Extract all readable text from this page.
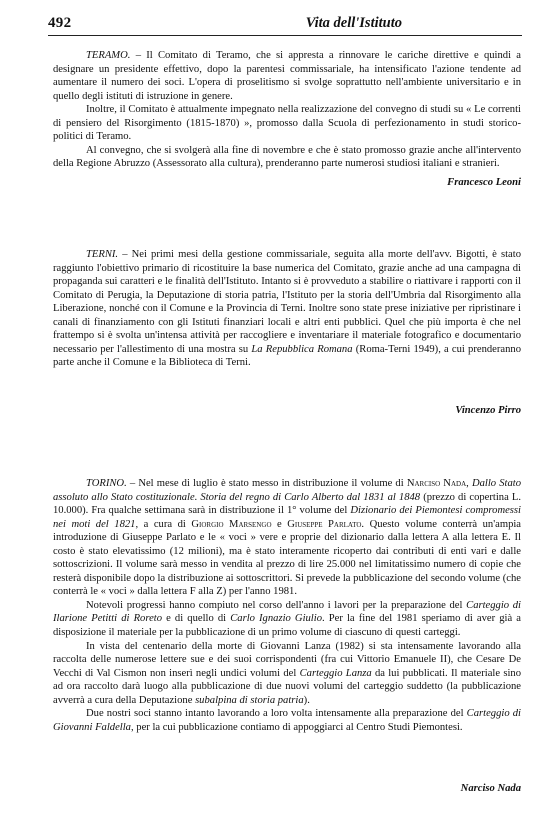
492	Vita dell'Istituto

TERAMO. – Il Comitato di Teramo, che si appresta a rinnovare le cariche direttive e quindi a designare un presidente effettivo, dopo la parentesi commissariale, ha intensificato l'azione tendente ad aumentare il numero dei soci. L'opera di proselitismo si svolge soprattutto nell'ambiente universitario e in quello degli istituti di istruzione in genere.

Inoltre, il Comitato è attualmente impegnato nella realizzazione del convegno di studi su « Le correnti di pensiero del Risorgimento (1815-1870) », promosso dalla Scuola di perfezionamento in studi storico-politici di Teramo.

Al convegno, che si svolgerà alla fine di novembre e che è stato promosso grazie anche all'intervento della Regione Abruzzo (Assessorato alla cultura), prenderanno parte numerosi studiosi italiani e stranieri.

Francesco Leoni

TERNI. – Nei primi mesi della gestione commissariale, seguita alla morte dell'avv. Bigotti, è stato raggiunto l'obiettivo primario di ricostituire la base numerica del Comitato, grazie anche ad una campagna di propaganda sui caratteri e le finalità dell'Istituto. Intanto si è provveduto a stabilire o riattivare i rapporti con il Comitato di Perugia, la Deputazione di storia patria, l'Istituto per la storia dell'Umbria dal Risorgimento alla Liberazione, nonché con il Comune e la Provincia di Terni. Inoltre sono state prese iniziative per ripristinare i canali di finanziamento con gli Istituti finanziari locali e altri enti pubblici. Quel che più importa è che nel frattempo si è svolta un'intensa attività per raccogliere e inventariare il materiale fotografico e documentario necessario per l'allestimento di una mostra su La Repubblica Romana (Roma-Terni 1949), a cui prenderanno parte anche il Comune e la Biblioteca di Terni.

Vincenzo Pirro

TORINO. – Nel mese di luglio è stato messo in distribuzione il volume di Narciso Nada, Dallo Stato assoluto allo Stato costituzionale. Storia del regno di Carlo Alberto dal 1831 al 1848 (prezzo di copertina L. 10.000). Fra qualche settimana sarà in distribuzione il 1° volume del Dizionario dei Piemontesi compromessi nei moti del 1821, a cura di Giorgio Marsengo e Giuseppe Parlato. Questo volume conterrà un'ampia introduzione di Giuseppe Parlato e le « voci » vere e proprie del dizionario dalla lettera A alla lettera E. Il costo è stato elevatissimo (12 milioni), ma è stato interamente ricoperto dai contributi di enti vari e dalle sottoscrizioni. Il volume sarà messo in vendita al prezzo di lire 25.000 nel limitatissimo numero di copie che resterà disponibile dopo la distribuzione ai sottoscrittori. Si prevede la pubblicazione del secondo volume (che conterrà le « voci » dalla lettera F alla Z) per l'anno 1981.

Notevoli progressi hanno compiuto nel corso dell'anno i lavori per la preparazione del Carteggio di Ilarione Petitti di Roreto e di quello di Carlo Ignazio Giulio. Per la fine del 1981 speriamo di aver già a disposizione il materiale per la pubblicazione di un primo volume di ciascuno di questi carteggi.

In vista del centenario della morte di Giovanni Lanza (1982) si sta intensamente lavorando alla raccolta delle numerose lettere sue e dei suoi corrispondenti (fra cui Vittorio Emanuele II), che Cesare De Vecchi di Val Cismon non inserì negli undici volumi del Carteggio Lanza da lui pubblicati. Il materiale sino ad ora raccolto darà luogo alla pubblicazione di due nuovi volumi del carteggio suddetto (la pubblicazione avverrà a cura della Deputazione subalpina di storia patria).

Due nostri soci stanno intanto lavorando a loro volta intensamente alla preparazione del Carteggio di Giovanni Faldella, per la cui pubblicazione contiamo di appoggiarci al Centro Studi Piemontesi.

Narciso Nada
